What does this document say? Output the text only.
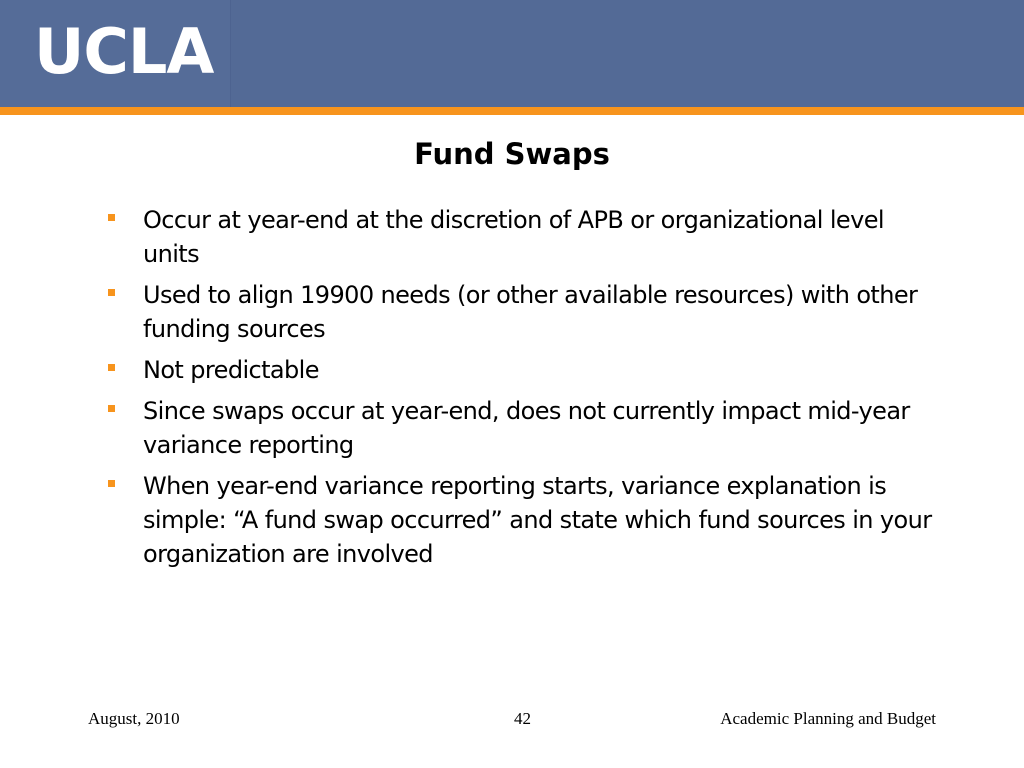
UCLA
Fund Swaps
Occur at year-end at the discretion of APB or organizational level units
Used to align 19900 needs (or other available resources) with other funding sources
Not predictable
Since swaps occur at year-end, does not currently impact mid-year variance reporting
When year-end variance reporting starts, variance explanation is simple: “A fund swap occurred” and state which fund sources in your organization are involved
August, 2010	42	Academic Planning and Budget
